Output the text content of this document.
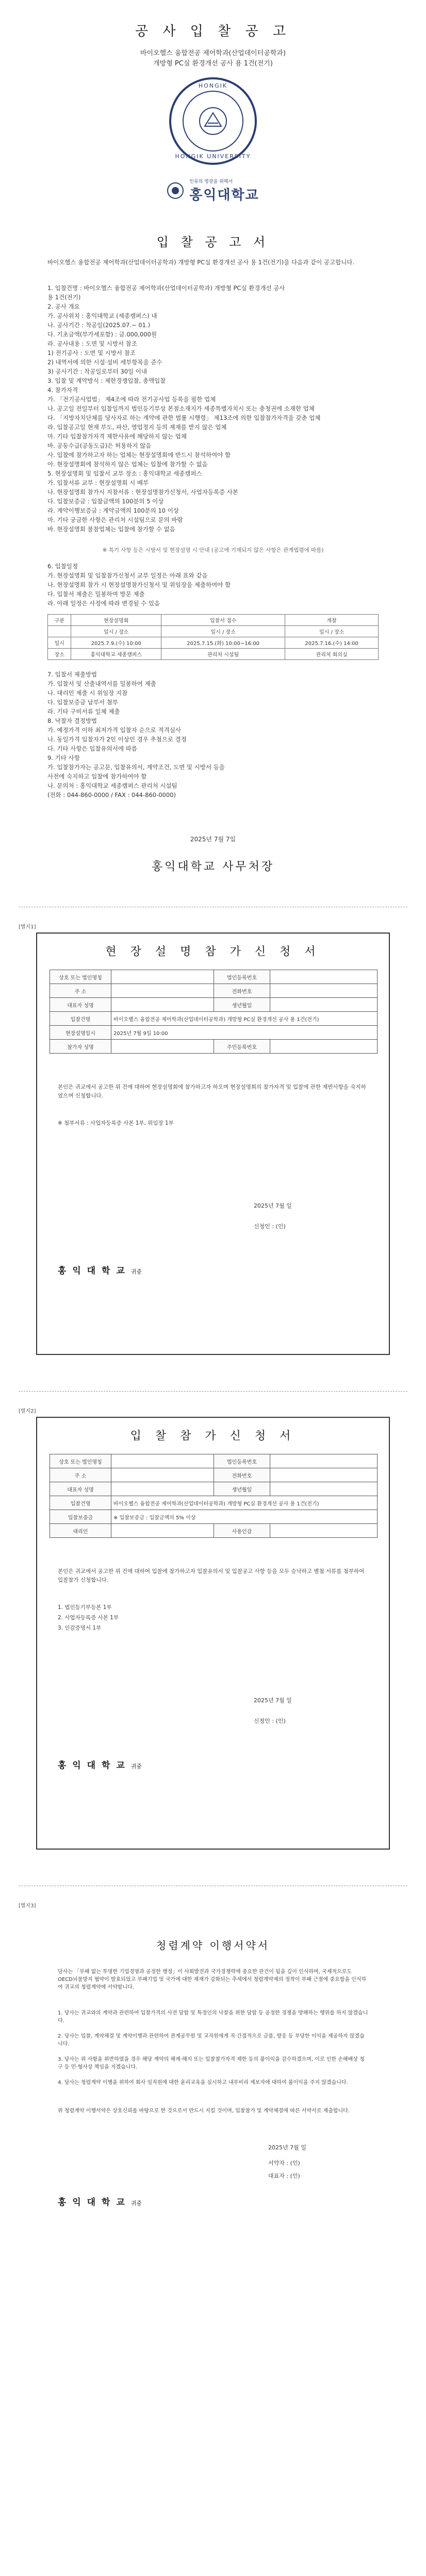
공 사 입 찰 공 고
바이오헬스 융합전공 제어학과(산업데이터공학과)
개방형 PC실 환경개선 공사 용 1건(전기)
HONGIK
HONGIK UNIVERSITY
인류의 영광을 위해서
홍익대학교
입 찰 공 고 서
바이오헬스 융합전공 제어학과(산업데이터공학과) 개방형 PC실 환경개선 공사 용 1건(전기)을 다음과 같이 공고합니다.
1. 입찰건명 : 바이오헬스 융합전공 제어학과(산업데이터공학과) 개방형 PC실 환경개선 공사
용 1건(전기)
2. 공사 개요
가. 공사위치 : 홍익대학교 (세종캠퍼스) 내
나. 공사기간 : 착공일(2025.07.~ 01.)
다. 기초금액(부가세포함) : 금.000,000원
라. 공사내용 : 도면 및 시방서 참조
1) 전기공사 : 도면 및 시방서 참조
2) 내역서에 의한 시설·설비 세부항목을 준수
3) 공사기간 : 착공일로부터 30일 이내
3. 입찰 및 계약방식 : 제한경쟁입찰, 총액입찰
4. 참가자격
가. 「전기공사업법」 제4조에 따라 전기공사업 등록을 필한 업체
나. 공고일 전일부터 입찰일까지 법인등기부상 본점소재지가 세종특별자치시 또는 충청권에 소재한 업체
다. 「지방자치단체를 당사자로 하는 계약에 관한 법률 시행령」 제13조에 의한 입찰참가자격을 갖춘 업체
라. 입찰공고일 현재 부도, 파산, 영업정지 등의 제재를 받지 않은 업체
마. 기타 입찰참가자격 제한사유에 해당하지 않는 업체
바. 공동수급(공동도급)은 허용하지 않음
사. 입찰에 참가하고자 하는 업체는 현장설명회에 반드시 참석하여야 함
아. 현장설명회에 참석하지 않은 업체는 입찰에 참가할 수 없음
5. 현장설명회 및 입찰서 교부 장소 : 홍익대학교 세종캠퍼스
가. 입찰서류 교부 : 현장설명회 시 배부
나. 현장설명회 참가시 지참서류 : 현장설명참가신청서, 사업자등록증 사본
다. 입찰보증금 : 입찰금액의 100분의 5 이상
라. 계약이행보증금 : 계약금액의 100분의 10 이상
마. 기타 궁금한 사항은 관리처 시설팀으로 문의 바람
바. 현장설명회 불참업체는 입찰에 참가할 수 없음
※ 특기 사항 등은 시방서 및 현장설명 시 안내 (공고에 기재되지 않은 사항은 관계법령에 따름)
6. 입찰일정
가. 현장설명회 및 입찰참가신청서 교부 일정은 아래 표와 같음
나. 현장설명회 참가 시 현장설명참가신청서 및 위임장을 제출하여야 함
다. 입찰서 제출은 밀봉하여 방문 제출
라. 아래 일정은 사정에 따라 변경될 수 있음
구분	현장설명회	입찰서 접수	개찰
	일시 / 장소	일시 / 장소	일시 / 장소
일시	2025.7.9.(수) 10:00	2025.7.15.(화) 10:00~16:00	2025.7.16.(수) 14:00
장소	홍익대학교 세종캠퍼스	관리처 시설팀	관리처 회의실
7. 입찰서 제출방법
가. 입찰서 및 산출내역서를 밀봉하여 제출
나. 대리인 제출 시 위임장 지참
다. 입찰보증금 납부서 첨부
라. 기타 구비서류 일체 제출
8. 낙찰자 결정방법
가. 예정가격 이하 최저가격 입찰자 순으로 적격심사
나. 동일가격 입찰자가 2인 이상인 경우 추첨으로 결정
다. 기타 사항은 입찰유의서에 따름
9. 기타 사항
가. 입찰참가자는 공고문, 입찰유의서, 계약조건, 도면 및 시방서 등을
사전에 숙지하고 입찰에 참가하여야 함
나. 문의처 : 홍익대학교 세종캠퍼스 관리처 시설팀
(전화 : 044-860-0000 / FAX : 044-860-0000)
2025년 7월 7일
홍익대학교 사무처장
[별지1]
현 장 설 명 참 가 신 청 서
상호 또는 법인명칭		법인등록번호	
주 소		전화번호	
대표자 성명		생년월일	
입찰건명	바이오헬스 융합전공 제어학과(산업데이터공학과) 개방형 PC실 환경개선 공사 용 1건(전기)		
현장설명일시	2025년 7월 9일 10:00		
참가자 성명		주민등록번호	
본인은 귀교에서 공고한 위 건에 대하여 현장설명회에 참가하고자 하오며 현장설명회의 참가자격 및 입찰에 관한 제반사항을 숙지하였으며 신청합니다.
※ 첨부서류 : 사업자등록증 사본 1부, 위임장 1부
2025년 7월 일
신청인 : (인)
홍 익 대 학 교 귀중
[별지2]
입 찰 참 가 신 청 서
상호 또는 법인명칭		법인등록번호	
주 소		전화번호	
대표자 성명		생년월일	
입찰건명	바이오헬스 융합전공 제어학과(산업데이터공학과) 개방형 PC실 환경개선 공사 용 1건(전기)		
입찰보증금	※ 입찰보증금 : 입찰금액의 5% 이상		
대리인		사용인감	
본인은 귀교에서 공고한 위 건에 대하여 입찰에 참가하고자 입찰유의서 및 입찰공고 사항 등을 모두 승낙하고 별첨 서류를 첨부하여 입찰참가 신청합니다.
1. 법인등기부등본 1부
2. 사업자등록증 사본 1부
3. 인감증명서 1부
2025년 7월 일
신청인 : (인)
홍 익 대 학 교 귀중
[별지3]
청렴계약 이행서약서
당사는 「부패 없는 투명한 기업경영과 공정한 행정」이 사회발전과 국가경쟁력에 중요한 관건이 됨을 깊이 인식하며, 국제적으로도 OECD뇌물방지 협약이 발효되었고 부패기업 및 국가에 대한 제재가 강화되는 추세에서 청렴계약제의 정착이 부패 근절에 중요함을 인식하여 귀교의 청렴계약에 서약합니다.
1. 당사는 귀교와의 계약과 관련하여 입찰가격의 사전 담합 및 특정인의 낙찰을 위한 담합 등 공정한 경쟁을 방해하는 행위를 하지 않겠습니다.
2. 당사는 입찰, 계약체결 및 계약이행과 관련하여 관계공무원 및 교직원에게 직·간접적으로 금품, 향응 등 부당한 이익을 제공하지 않겠습니다.
3. 당사는 위 사항을 위반하였을 경우 해당 계약의 해제·해지 또는 입찰참가자격 제한 등의 불이익을 감수하겠으며, 이로 인한 손해배상 청구 등 민·형사상 책임을 지겠습니다.
4. 당사는 청렴계약 이행을 위하여 회사 임직원에 대한 윤리교육을 실시하고 내부비리 제보자에 대하여 불이익을 주지 않겠습니다.
위 청렴계약 이행서약은 상호신뢰를 바탕으로 한 것으로서 반드시 지킬 것이며, 입찰참가 및 계약체결에 따른 서약서로 제출합니다.
2025년 7월 일
서약자 : (인)
대표자 : (인)
홍 익 대 학 교 귀중
